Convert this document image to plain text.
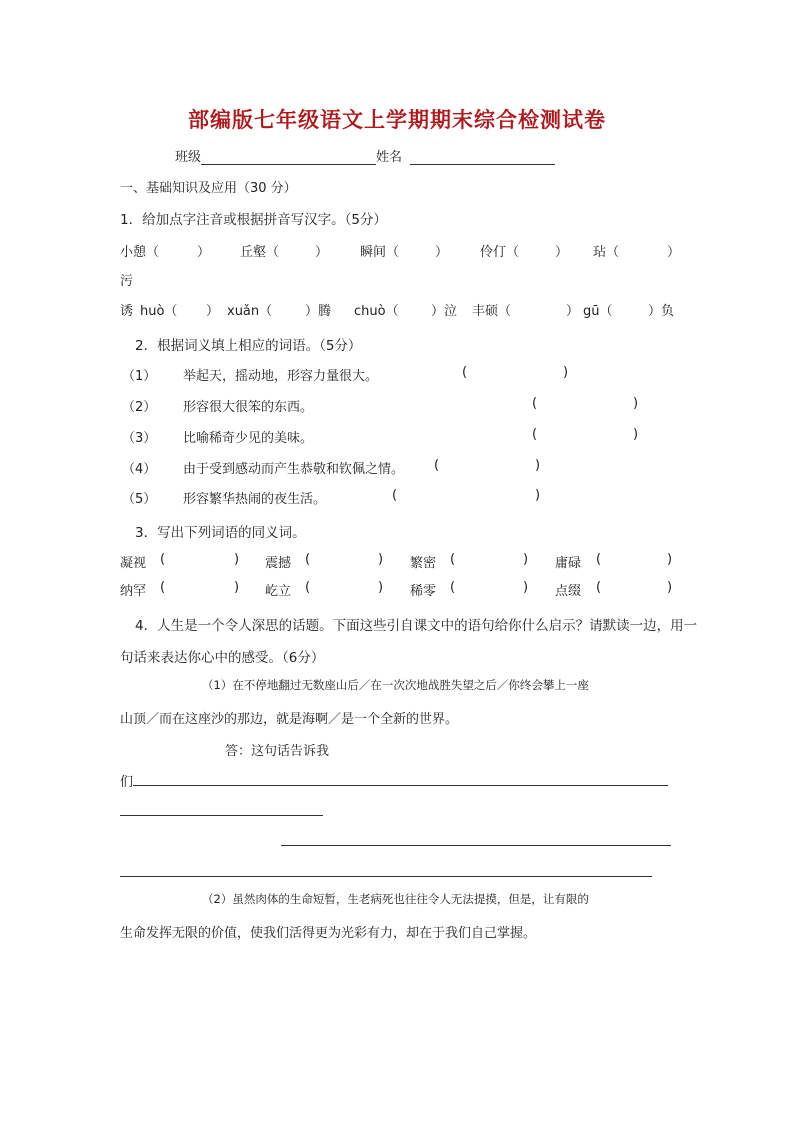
部编版七年级语文上学期期末综合检测试卷
班级	姓名
一、基础知识及应用（30 分）
1．给加点字注音或根据拼音写汉字。（5分）
小憩（	） 丘壑（	） 瞬间（	） 伶仃（	） 玷（	）
污
诱 huò（ ） xuǎn（	）腾 chuò（ ）泣 丰硕（	） gū（	）负
2．根据词义填上相应的词语。（5分）
（1） 举起天，摇动地，形容力量很大。	(	)
（2） 形容很大很笨的东西。	(	)
（3） 比喻稀奇少见的美味。	(	)
（4） 由于受到感动而产生恭敬和钦佩之情。 (	)
（5） 形容繁华热闹的夜生活。	(	)
3．写出下列词语的同义词。
凝视 (	) 震撼 (	) 繁密 (	) 庸碌 (	)
纳罕 (	) 屹立 (	) 稀零 (	) 点缀 (	)
4．人生是一个令人深思的话题。下面这些引自课文中的语句给你什么启示？请默读一边，用一
句话来表达你心中的感受。（6分）
（1）在不停地翻过无数座山后／在一次次地战胜失望之后／你终会攀上一座
山顶／而在这座沙的那边，就是海啊／是一个全新的世界。
答：这句话告诉我
们
（2）虽然肉体的生命短暂，生老病死也往往令人无法提摸，但是，让有限的
生命发挥无限的价值，使我们活得更为光彩有力，却在于我们自己掌握。
